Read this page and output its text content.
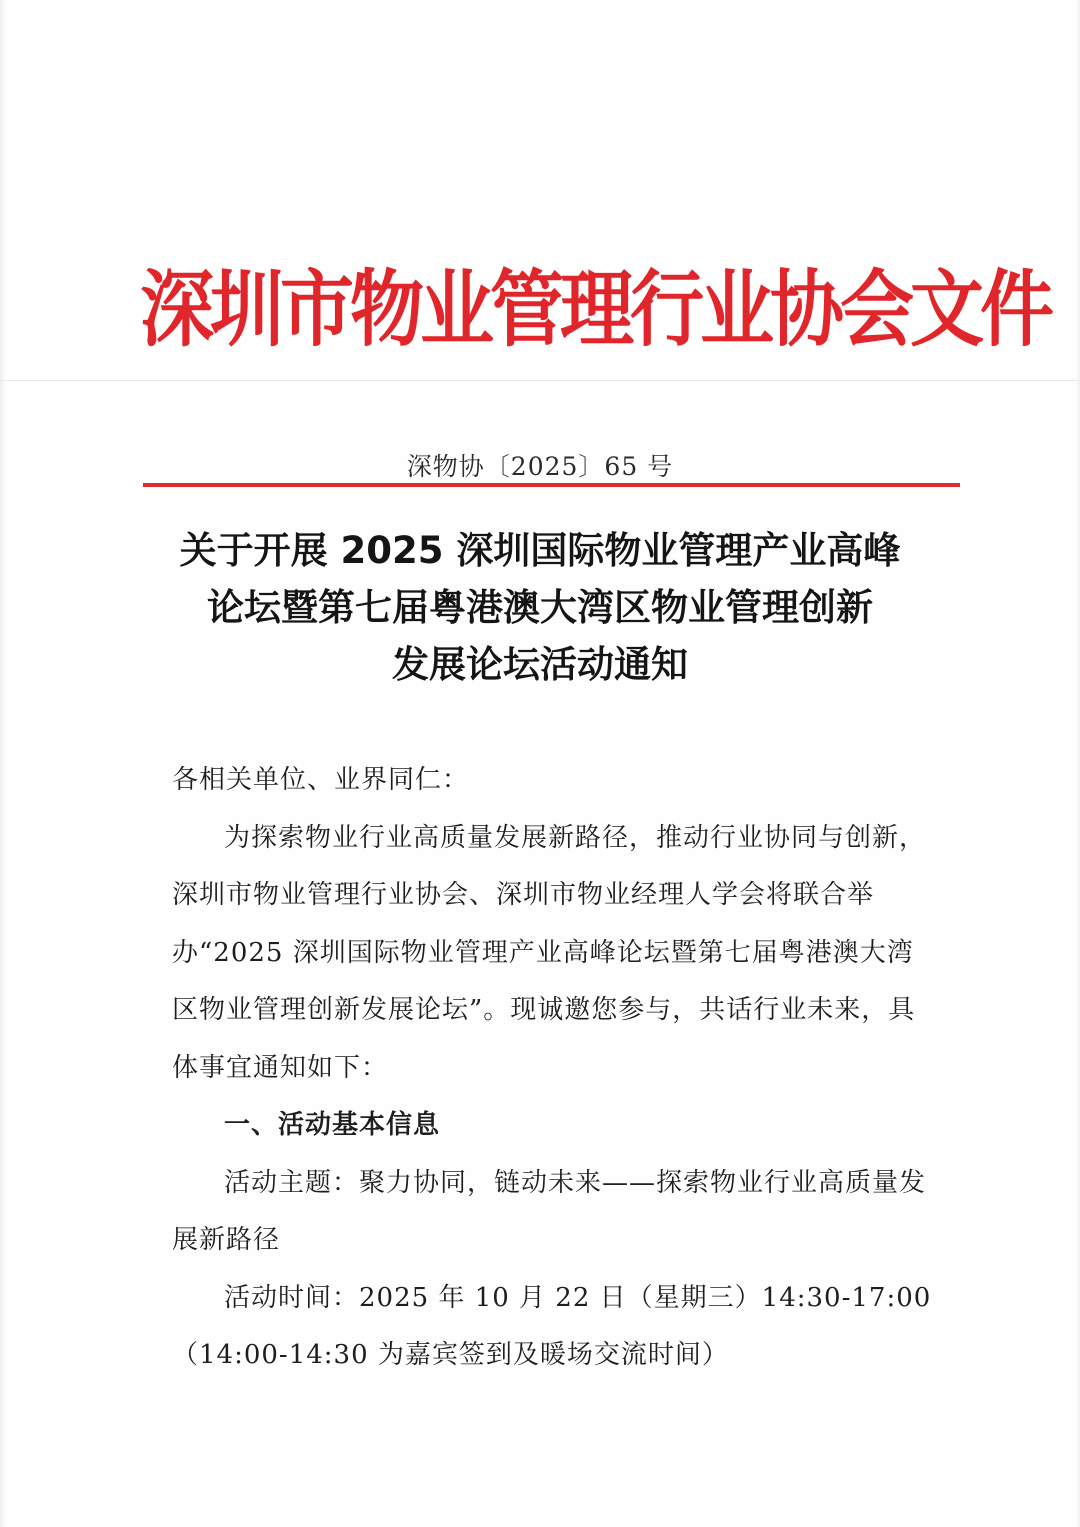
深圳市物业管理行业协会文件
深物协〔2025〕65 号
关于开展 2025 深圳国际物业管理产业高峰
论坛暨第七届粤港澳大湾区物业管理创新
发展论坛活动通知

各相关单位、业界同仁：

为探索物业行业高质量发展新路径，推动行业协同与创新，深圳市物业管理行业协会、深圳市物业经理人学会将联合举办“2025 深圳国际物业管理产业高峰论坛暨第七届粤港澳大湾区物业管理创新发展论坛”。现诚邀您参与，共话行业未来，具体事宜通知如下：

一、活动基本信息

活动主题：聚力协同，链动未来——探索物业行业高质量发展新路径

活动时间：2025 年 10 月 22 日（星期三）14:30-17:00（14:00-14:30 为嘉宾签到及暖场交流时间）
